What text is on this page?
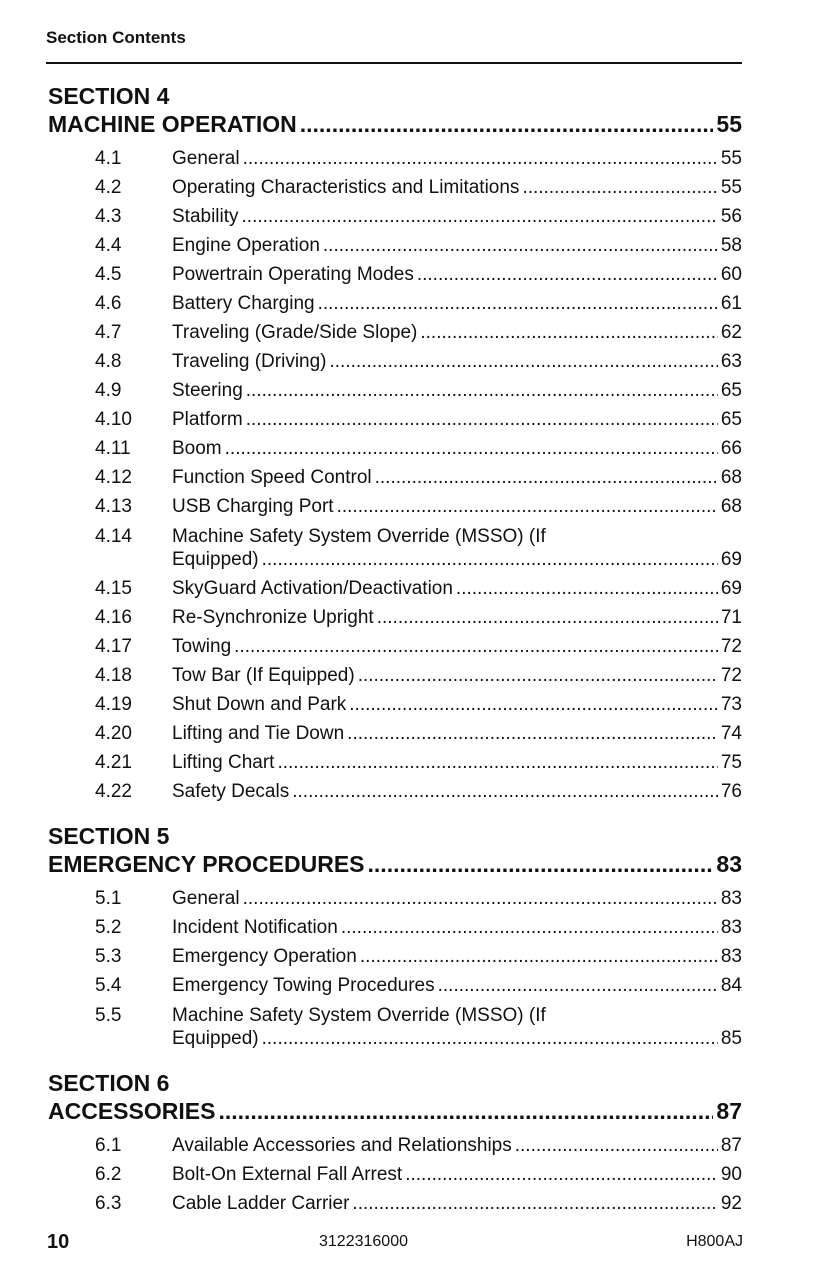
Section Contents
SECTION 4
MACHINE OPERATION .....	55
4.1	General .....	55
4.2	Operating Characteristics and Limitations .....	55
4.3	Stability .....	56
4.4	Engine Operation .....	58
4.5	Powertrain Operating Modes .....	60
4.6	Battery Charging .....	61
4.7	Traveling (Grade/Side Slope) .....	62
4.8	Traveling (Driving) .....	63
4.9	Steering .....	65
4.10	Platform .....	65
4.11	Boom .....	66
4.12	Function Speed Control .....	68
4.13	USB Charging Port .....	68
4.14	Machine Safety System Override (MSSO) (If
Equipped) .....	69
4.15	SkyGuard Activation/Deactivation .....	69
4.16	Re-Synchronize Upright .....	71
4.17	Towing .....	72
4.18	Tow Bar (If Equipped) .....	72
4.19	Shut Down and Park .....	73
4.20	Lifting and Tie Down .....	74
4.21	Lifting Chart .....	75
4.22	Safety Decals .....	76
SECTION 5
EMERGENCY PROCEDURES .....	83
5.1	General .....	83
5.2	Incident Notification .....	83
5.3	Emergency Operation .....	83
5.4	Emergency Towing Procedures .....	84
5.5	Machine Safety System Override (MSSO) (If
Equipped) .....	85
SECTION 6
ACCESSORIES .....	87
6.1	Available Accessories and Relationships .....	87
6.2	Bolt-On External Fall Arrest .....	90
6.3	Cable Ladder Carrier .....	92
10	3122316000	H800AJ
